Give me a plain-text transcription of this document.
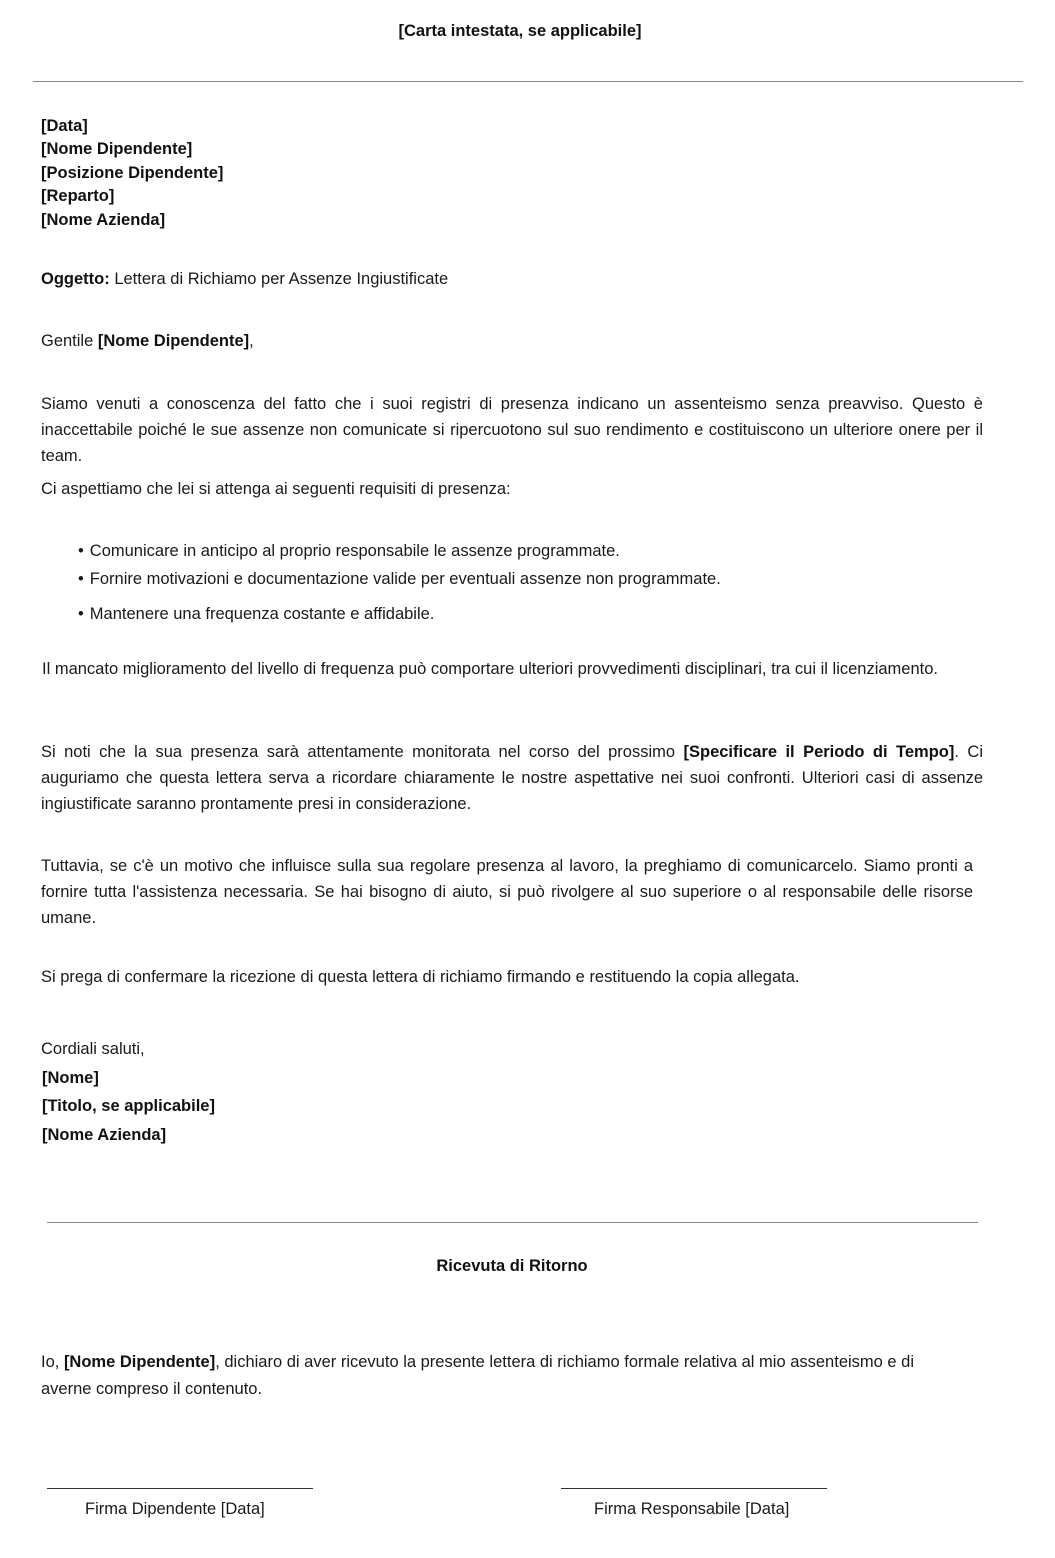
[Carta intestata, se applicabile]
[Data]
[Nome Dipendente]
[Posizione Dipendente]
[Reparto]
[Nome Azienda]
Oggetto: Lettera di Richiamo per Assenze Ingiustificate
Gentile [Nome Dipendente],
Siamo venuti a conoscenza del fatto che i suoi registri di presenza indicano un assenteismo senza preavviso. Questo è inaccettabile poiché le sue assenze non comunicate si ripercuotono sul suo rendimento e costituiscono un ulteriore onere per il team.
Ci aspettiamo che lei si attenga ai seguenti requisiti di presenza:
• Comunicare in anticipo al proprio responsabile le assenze programmate.
• Fornire motivazioni e documentazione valide per eventuali assenze non programmate.
• Mantenere una frequenza costante e affidabile.
Il mancato miglioramento del livello di frequenza può comportare ulteriori provvedimenti disciplinari, tra cui il licenziamento.
Si noti che la sua presenza sarà attentamente monitorata nel corso del prossimo [Specificare il Periodo di Tempo]. Ci auguriamo che questa lettera serva a ricordare chiaramente le nostre aspettative nei suoi confronti. Ulteriori casi di assenze ingiustificate saranno prontamente presi in considerazione.
Tuttavia, se c'è un motivo che influisce sulla sua regolare presenza al lavoro, la preghiamo di comunicarcelo. Siamo pronti a fornire tutta l'assistenza necessaria. Se hai bisogno di aiuto, si può rivolgere al suo superiore o al responsabile delle risorse umane.
Si prega di confermare la ricezione di questa lettera di richiamo firmando e restituendo la copia allegata.
Cordiali saluti,
[Nome]
[Titolo, se applicabile]
[Nome Azienda]
Ricevuta di Ritorno
Io, [Nome Dipendente], dichiaro di aver ricevuto la presente lettera di richiamo formale relativa al mio assenteismo e di averne compreso il contenuto.
Firma Dipendente [Data]	Firma Responsabile [Data]
